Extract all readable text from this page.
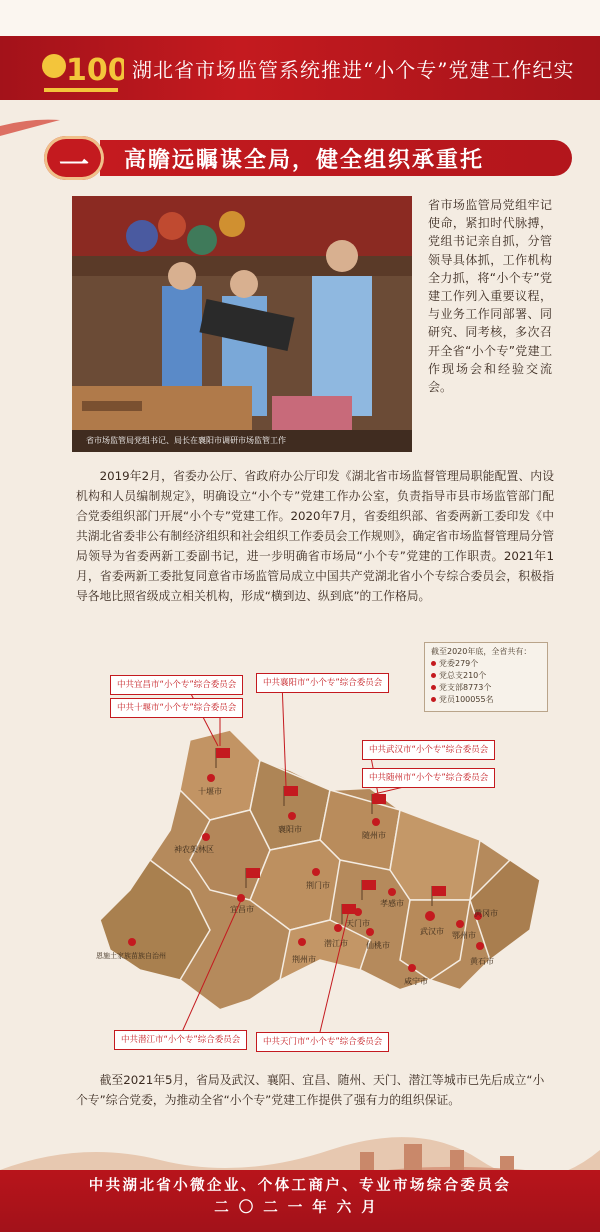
100 湖北省市场监管系统推进“小个专”党建工作纪实
一	高瞻远瞩谋全局，健全组织承重托
省市场监管局党组书记、局长在襄阳市调研市场监管工作
省市场监管局党组牢记使命，紧扣时代脉搏，党组书记亲自抓，分管领导具体抓，工作机构全力抓，将“小个专”党建工作列入重要议程，与业务工作同部署、同研究、同考核，多次召开全省“小个专”党建工作现场会和经验交流会。
2019年2月，省委办公厅、省政府办公厅印发《湖北省市场监督管理局职能配置、内设机构和人员编制规定》，明确设立“小个专”党建工作办公室，负责指导市县市场监管部门配合党委组织部门开展“小个专”党建工作。2020年7月，省委组织部、省委两新工委印发《中共湖北省委非公有制经济组织和社会组织工作委员会工作规则》，确定省市场监督管理局分管局领导为省委两新工委副书记，进一步明确省市场局“小个专”党建的工作职责。2021年1月，省委两新工委批复同意省市场监管局成立中国共产党湖北省小个专综合委员会，积极指导各地比照省级成立相关机构，形成“横到边、纵到底”的工作格局。
十堰市
神农架林区
襄阳市
随州市
宜昌市
荆门市
孝感市
天门市
潜江市 仙桃市
武汉市 鄂州市
黄冈市
荆州市
咸宁市
黄石市
恩施土家族苗族自治州
截至2020年底，全省共有：
党委279个
党总支210个
党支部8773个
党员100055名
中共宜昌市“小个专”综合委员会
中共十堰市“小个专”综合委员会
中共襄阳市“小个专”综合委员会
中共武汉市“小个专”综合委员会
中共随州市“小个专”综合委员会
中共潜江市“小个专”综合委员会	中共天门市“小个专”综合委员会
截至2021年5月，省局及武汉、襄阳、宜昌、随州、天门、潜江等城市已先后成立“小个专”综合党委，为推动全省“小个专”党建工作提供了强有力的组织保证。
中共湖北省小微企业、个体工商户、专业市场综合委员会
二〇二一年六月
